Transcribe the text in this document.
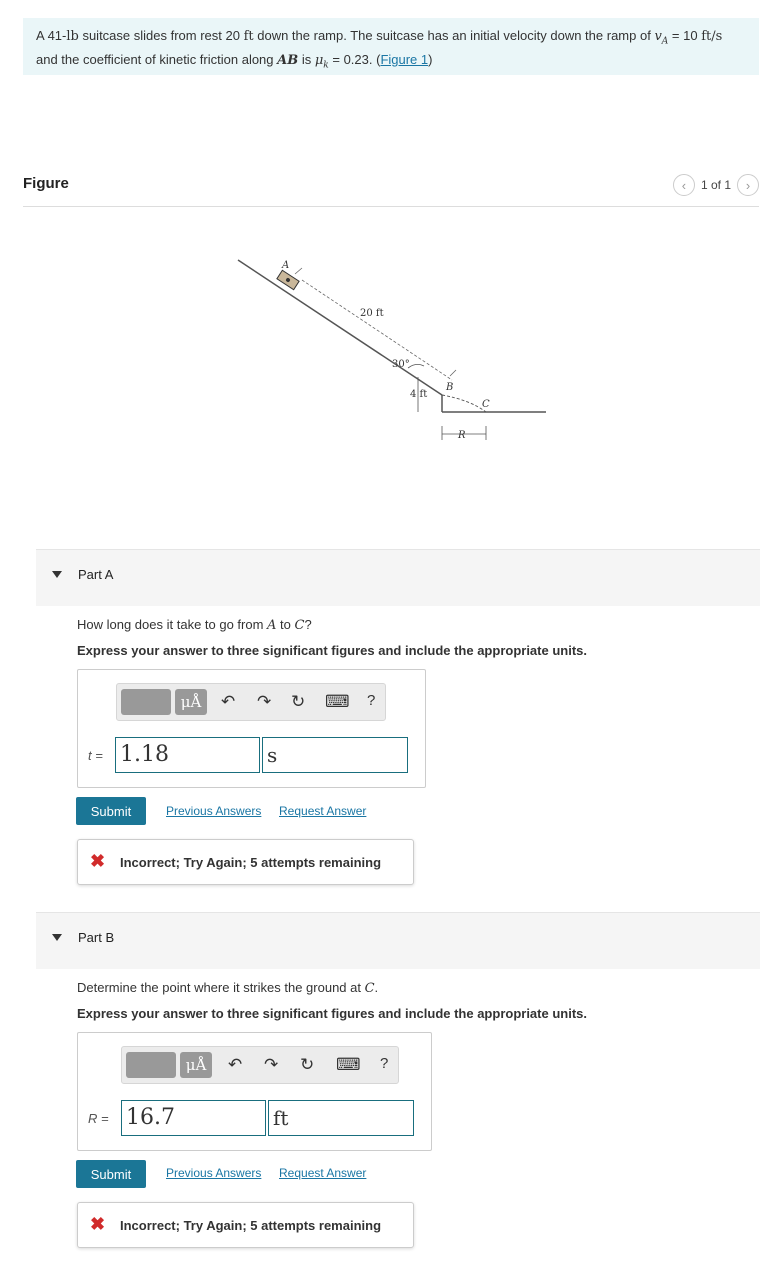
A 41-lb suitcase slides from rest 20 ft down the ramp. The suitcase has an initial velocity down the ramp of $v_A = 10$ ft/s
and the coefficient of kinetic friction along AB is $\mu_k = 0.23$. (Figure 1)
Figure	‹	1 of 1	›
A
20 ft
30°
4 ft
B
C
R
Part A
How long does it take to go from A to C?
Express your answer to three significant figures and include the appropriate units.
μÅ	↶ ↷ ↻ ⌨ ?
t = 1.18	s
Submit	Previous Answers Request Answer
✖ Incorrect; Try Again; 5 attempts remaining
Part B
Determine the point where it strikes the ground at C.
Express your answer to three significant figures and include the appropriate units.
μÅ	↶ ↷ ↻ ⌨ ?
R = 16.7	ft
Submit	Previous Answers Request Answer
✖ Incorrect; Try Again; 5 attempts remaining
